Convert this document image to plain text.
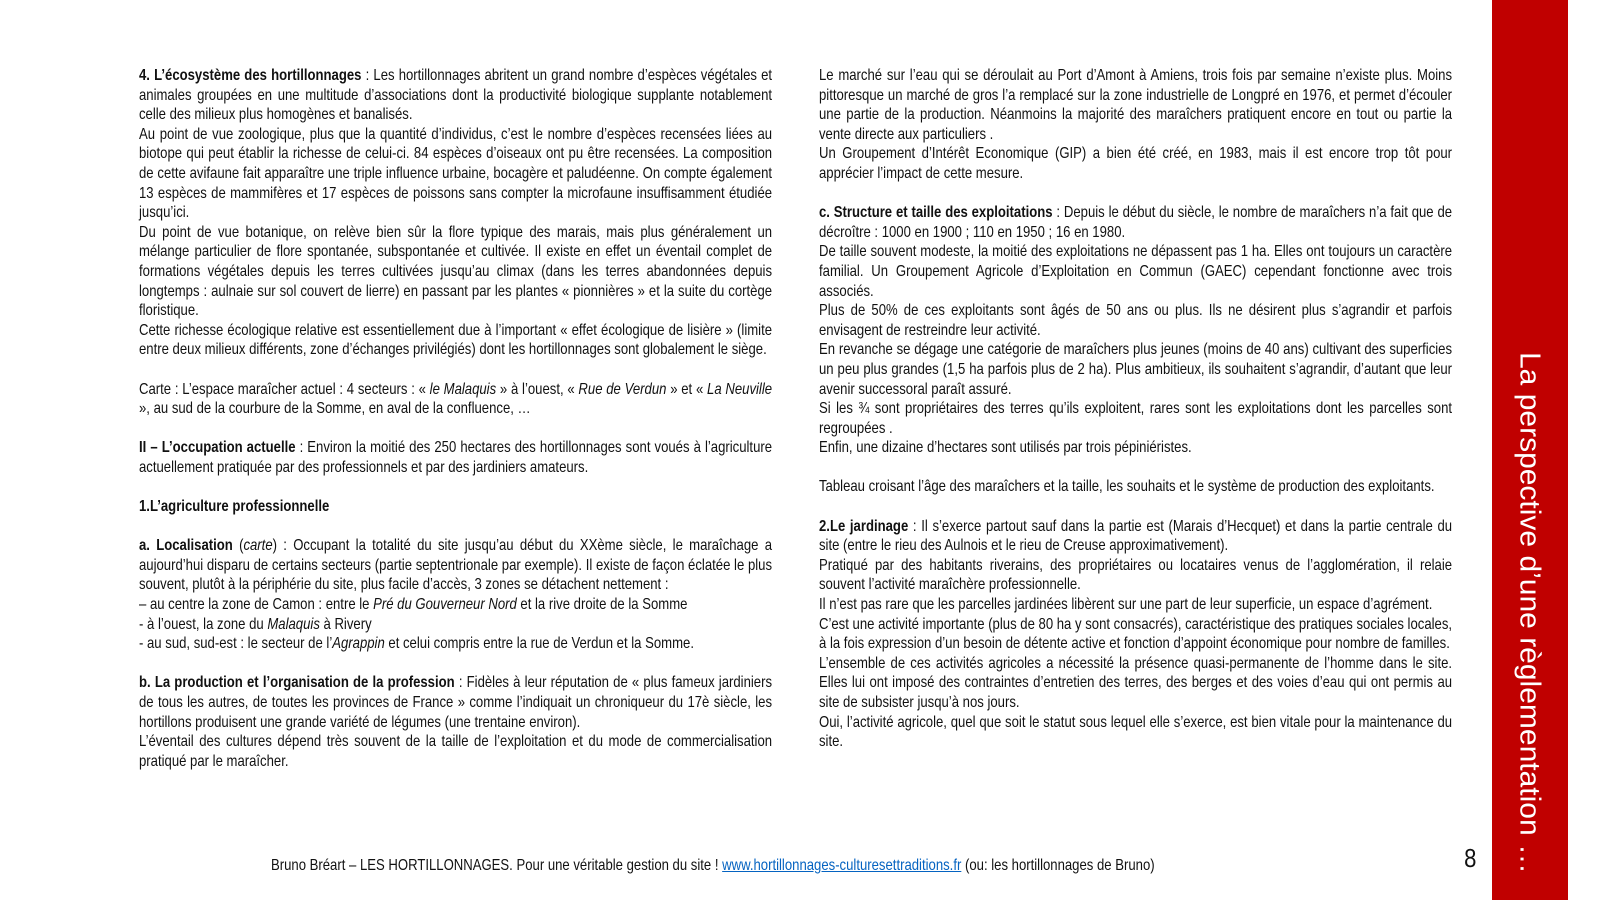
4. L’écosystème des hortillonnages : Les hortillonnages abritent un grand nombre d’espèces végétales et animales groupées en une multitude d’associations dont la productivité biologique supplante notablement celle des milieux plus homogènes et banalisés.

Au point de vue zoologique, plus que la quantité d’individus, c’est le nombre d’espèces recensées liées au biotope qui peut établir la richesse de celui-ci. 84 espèces d’oiseaux ont pu être recensées. La composition de cette avifaune fait apparaître une triple influence urbaine, bocagère et paludéenne. On compte également 13 espèces de mammifères et 17 espèces de poissons sans compter la microfaune insuffisamment étudiée jusqu’ici.

Du point de vue botanique, on relève bien sûr la flore typique des marais, mais plus généralement un mélange particulier de flore spontanée, subspontanée et cultivée. Il existe en effet un éventail complet de formations végétales depuis les terres cultivées jusqu’au climax (dans les terres abandonnées depuis longtemps : aulnaie sur sol couvert de lierre) en passant par les plantes « pionnières » et la suite du cortège floristique.

Cette richesse écologique relative est essentiellement due à l’important « effet écologique de lisière » (limite entre deux milieux différents, zone d’échanges privilégiés) dont les hortillonnages sont globalement le siège.

Carte : L’espace maraîcher actuel : 4 secteurs : « le Malaquis » à l’ouest, « Rue de Verdun » et « La Neuville », au sud de la courbure de la Somme, en aval de la confluence, …

II – L’occupation actuelle : Environ la moitié des 250 hectares des hortillonnages sont voués à l’agriculture actuellement pratiquée par des professionnels et par des jardiniers amateurs.

1.L’agriculture professionnelle

a. Localisation (carte) : Occupant la totalité du site jusqu’au début du XXème siècle, le maraîchage a aujourd’hui disparu de certains secteurs (partie septentrionale par exemple). Il existe de façon éclatée le plus souvent, plutôt à la périphérie du site, plus facile d’accès, 3 zones se détachent nettement :

– au centre la zone de Camon : entre le Pré du Gouverneur Nord et la rive droite de la Somme

- à l’ouest, la zone du Malaquis à Rivery

- au sud, sud-est : le secteur de l’Agrappin et celui compris entre la rue de Verdun et la Somme.

b. La production et l’organisation de la profession : Fidèles à leur réputation de « plus fameux jardiniers de tous les autres, de toutes les provinces de France » comme l’indiquait un chroniqueur du 17è siècle, les hortillons produisent une grande variété de légumes (une trentaine environ).

L’éventail des cultures dépend très souvent de la taille de l’exploitation et du mode de commercialisation pratiqué par le maraîcher.

Le marché sur l’eau qui se déroulait au Port d’Amont à Amiens, trois fois par semaine n’existe plus. Moins pittoresque un marché de gros l’a remplacé sur la zone industrielle de Longpré en 1976, et permet d’écouler une partie de la production. Néanmoins la majorité des maraîchers pratiquent encore en tout ou partie la vente directe aux particuliers .

Un Groupement d’Intérêt Economique (GIP) a bien été créé, en 1983, mais il est encore trop tôt pour apprécier l’impact de cette mesure.

c. Structure et taille des exploitations : Depuis le début du siècle, le nombre de maraîchers n’a fait que de décroître : 1000 en 1900 ; 110 en 1950 ; 16 en 1980.

De taille souvent modeste, la moitié des exploitations ne dépassent pas 1 ha. Elles ont toujours un caractère familial. Un Groupement Agricole d’Exploitation en Commun (GAEC) cependant fonctionne avec trois associés.

Plus de 50% de ces exploitants sont âgés de 50 ans ou plus. Ils ne désirent plus s’agrandir et parfois envisagent de restreindre leur activité.

En revanche se dégage une catégorie de maraîchers plus jeunes (moins de 40 ans) cultivant des superficies un peu plus grandes (1,5 ha parfois plus de 2 ha). Plus ambitieux, ils souhaitent s’agrandir, d’autant que leur avenir successoral paraît assuré.

Si les ¾ sont propriétaires des terres qu’ils exploitent, rares sont les exploitations dont les parcelles sont regroupées .

Enfin, une dizaine d’hectares sont utilisés par trois pépiniéristes.

Tableau croisant l’âge des maraîchers et la taille, les souhaits et le système de production des exploitants.

2.Le jardinage : Il s’exerce partout sauf dans la partie est (Marais d’Hecquet) et dans la partie centrale du site (entre le rieu des Aulnois et le rieu de Creuse approximativement).

Pratiqué par des habitants riverains, des propriétaires ou locataires venus de l’agglomération, il relaie souvent l’activité maraîchère professionnelle.

Il n’est pas rare que les parcelles jardinées libèrent sur une part de leur superficie, un espace d’agrément.

C’est une activité importante (plus de 80 ha y sont consacrés), caractéristique des pratiques sociales locales, à la fois expression d’un besoin de détente active et fonction d’appoint économique pour nombre de familles.

L’ensemble de ces activités agricoles a nécessité la présence quasi-permanente de l’homme dans le site. Elles lui ont imposé des contraintes d’entretien des terres, des berges et des voies d’eau qui ont permis au site de subsister jusqu’à nos jours.

Oui, l’activité agricole, quel que soit le statut sous lequel elle s’exerce, est bien vitale pour la maintenance du site.	La perspective d’une règlementation …
Bruno Bréart – LES HORTILLONNAGES. Pour une véritable gestion du site ! www.hortillonnages-culturesettraditions.fr (ou: les hortillonnages de Bruno)	8
